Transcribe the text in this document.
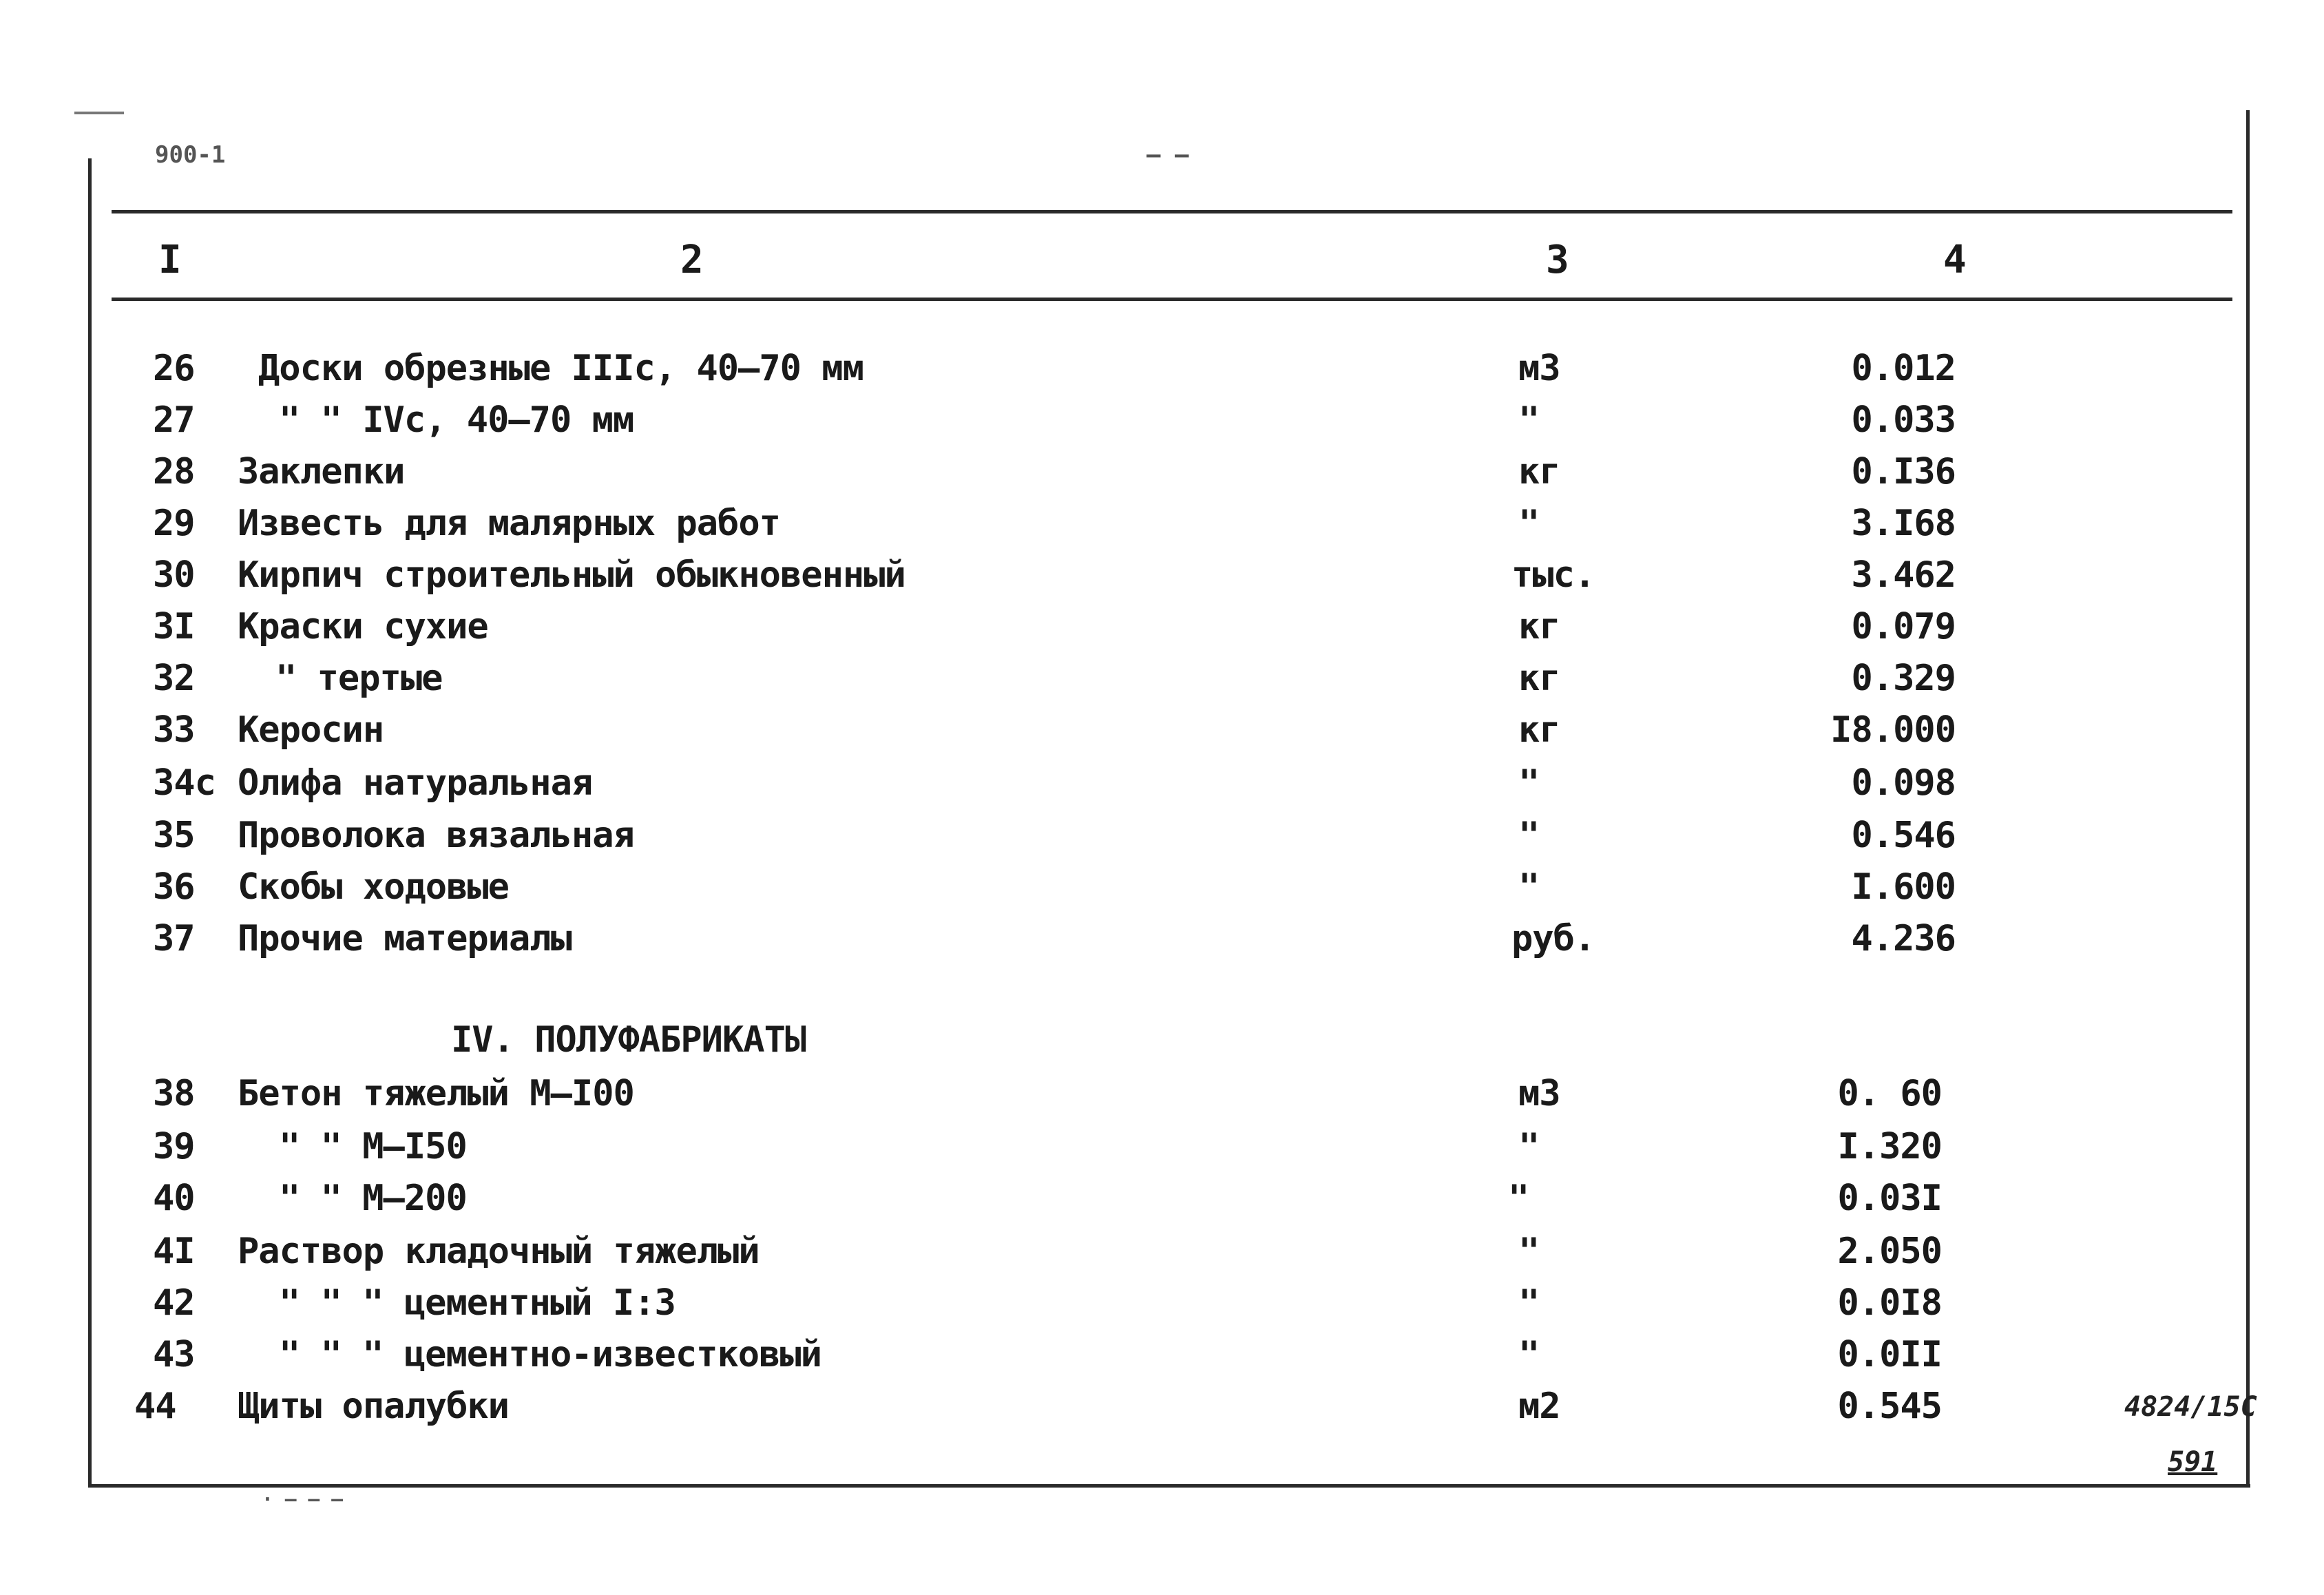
900-1	– –
I	2	3	4
26	Доски обрезные IIIс, 40–70 мм	м3	0.012
27	" " IVс, 40–70 мм	"	0.033
28	Заклепки	кг	0.I36
29	Известь для малярных работ	"	3.I68
30	Кирпич строительный обыкновенный	тыс.	3.462
3I	Краски сухие	кг	0.079
32	" тертые	кг	0.329
33	Керосин	кг	I8.000
34с Олифа натуральная	"	0.098
35	Проволока вязальная	"	0.546
36	Скобы ходовые	"	I.600
37	Прочие материалы	руб.	4.236
IV. ПОЛУФАБРИКАТЫ
38	Бетон тяжелый М–I00	м3	0. 60
39	" " М–I50	"	I.320
40	" " М–200	"	0.03I
4I	Раствор кладочный тяжелый	"	2.050
42	" " " цементный I:3	"	0.0I8
43	" " " цементно-известковый	"	0.0II
44	Щиты опалубки	м2	0.545	4824/15С
591
· – – –
